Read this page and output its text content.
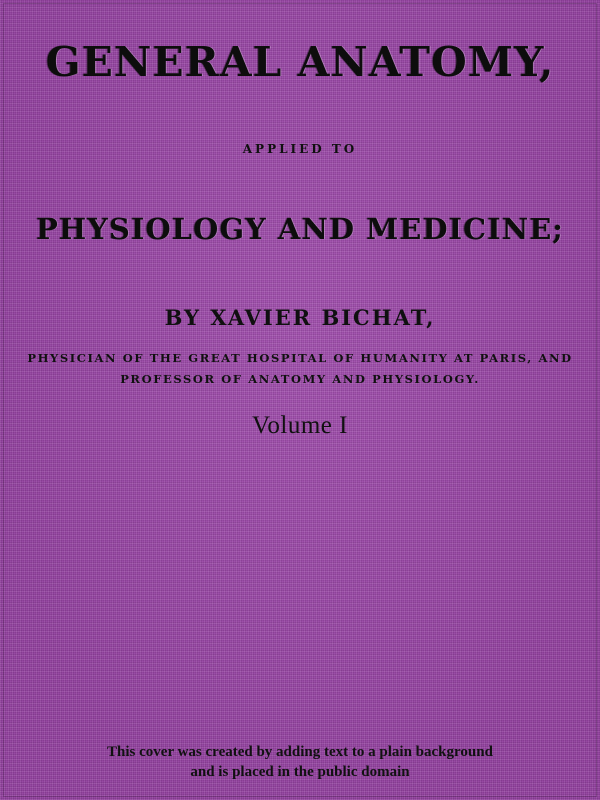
GENERAL ANATOMY,
APPLIED TO
PHYSIOLOGY AND MEDICINE;
BY XAVIER BICHAT,
PHYSICIAN OF THE GREAT HOSPITAL OF HUMANITY AT PARIS, AND PROFESSOR OF ANATOMY AND PHYSIOLOGY.
Volume I
This cover was created by adding text to a plain background
and is placed in the public domain
